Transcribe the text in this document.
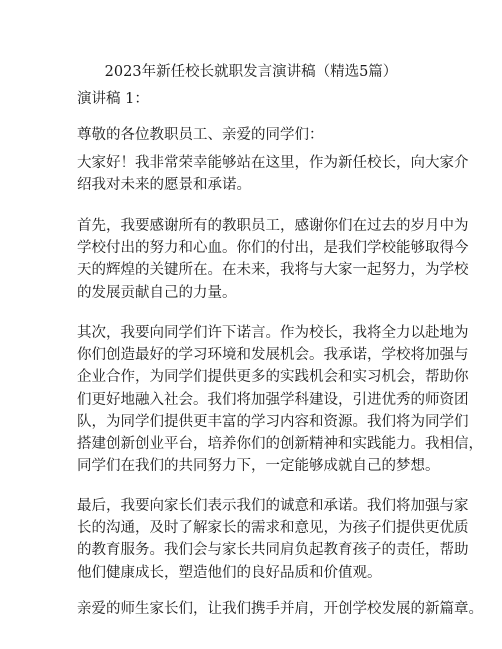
2023年新任校长就职发言演讲稿（精选5篇）
演讲稿 1：
尊敬的各位教职员工、亲爱的同学们：
大家好！我非常荣幸能够站在这里，作为新任校长，向大家介
绍我对未来的愿景和承诺。
首先，我要感谢所有的教职员工，感谢你们在过去的岁月中为
学校付出的努力和心血。你们的付出，是我们学校能够取得今
天的辉煌的关键所在。在未来，我将与大家一起努力，为学校
的发展贡献自己的力量。
其次，我要向同学们许下诺言。作为校长，我将全力以赴地为
你们创造最好的学习环境和发展机会。我承诺，学校将加强与
企业合作，为同学们提供更多的实践机会和实习机会，帮助你
们更好地融入社会。我们将加强学科建设，引进优秀的师资团
队，为同学们提供更丰富的学习内容和资源。我们将为同学们
搭建创新创业平台，培养你们的创新精神和实践能力。我相信，
同学们在我们的共同努力下，一定能够成就自己的梦想。
最后，我要向家长们表示我们的诚意和承诺。我们将加强与家
长的沟通，及时了解家长的需求和意见，为孩子们提供更优质
的教育服务。我们会与家长共同肩负起教育孩子的责任，帮助
他们健康成长，塑造他们的良好品质和价值观。
亲爱的师生家长们，让我们携手并肩，开创学校发展的新篇章。
